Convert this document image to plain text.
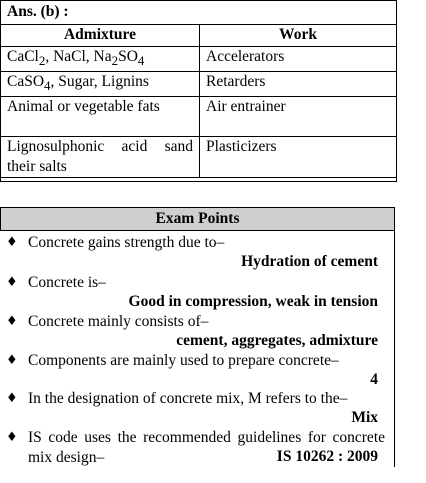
Ans. (b) :
Admixture	Work
CaCl$_2$, NaCl, $Na_2SO_4$	Accelerators
CaSO$_4$, Sugar, Lignins	Retarders
Animal or vegetable fats	Air entrainer
Lignosulphonic acid sand their salts	Plasticizers
Exam Points
♦ Concrete gains strength due to–
Hydration of cement
♦ Concrete is–
Good in compression, weak in tension
♦ Concrete mainly consists of–
cement, aggregates, admixture
♦ Components are mainly used to prepare concrete–
4
♦ In the designation of concrete mix, M refers to the–
Mix
♦ IS code uses the recommended guidelines for concrete mix design–	IS 10262 : 2009
